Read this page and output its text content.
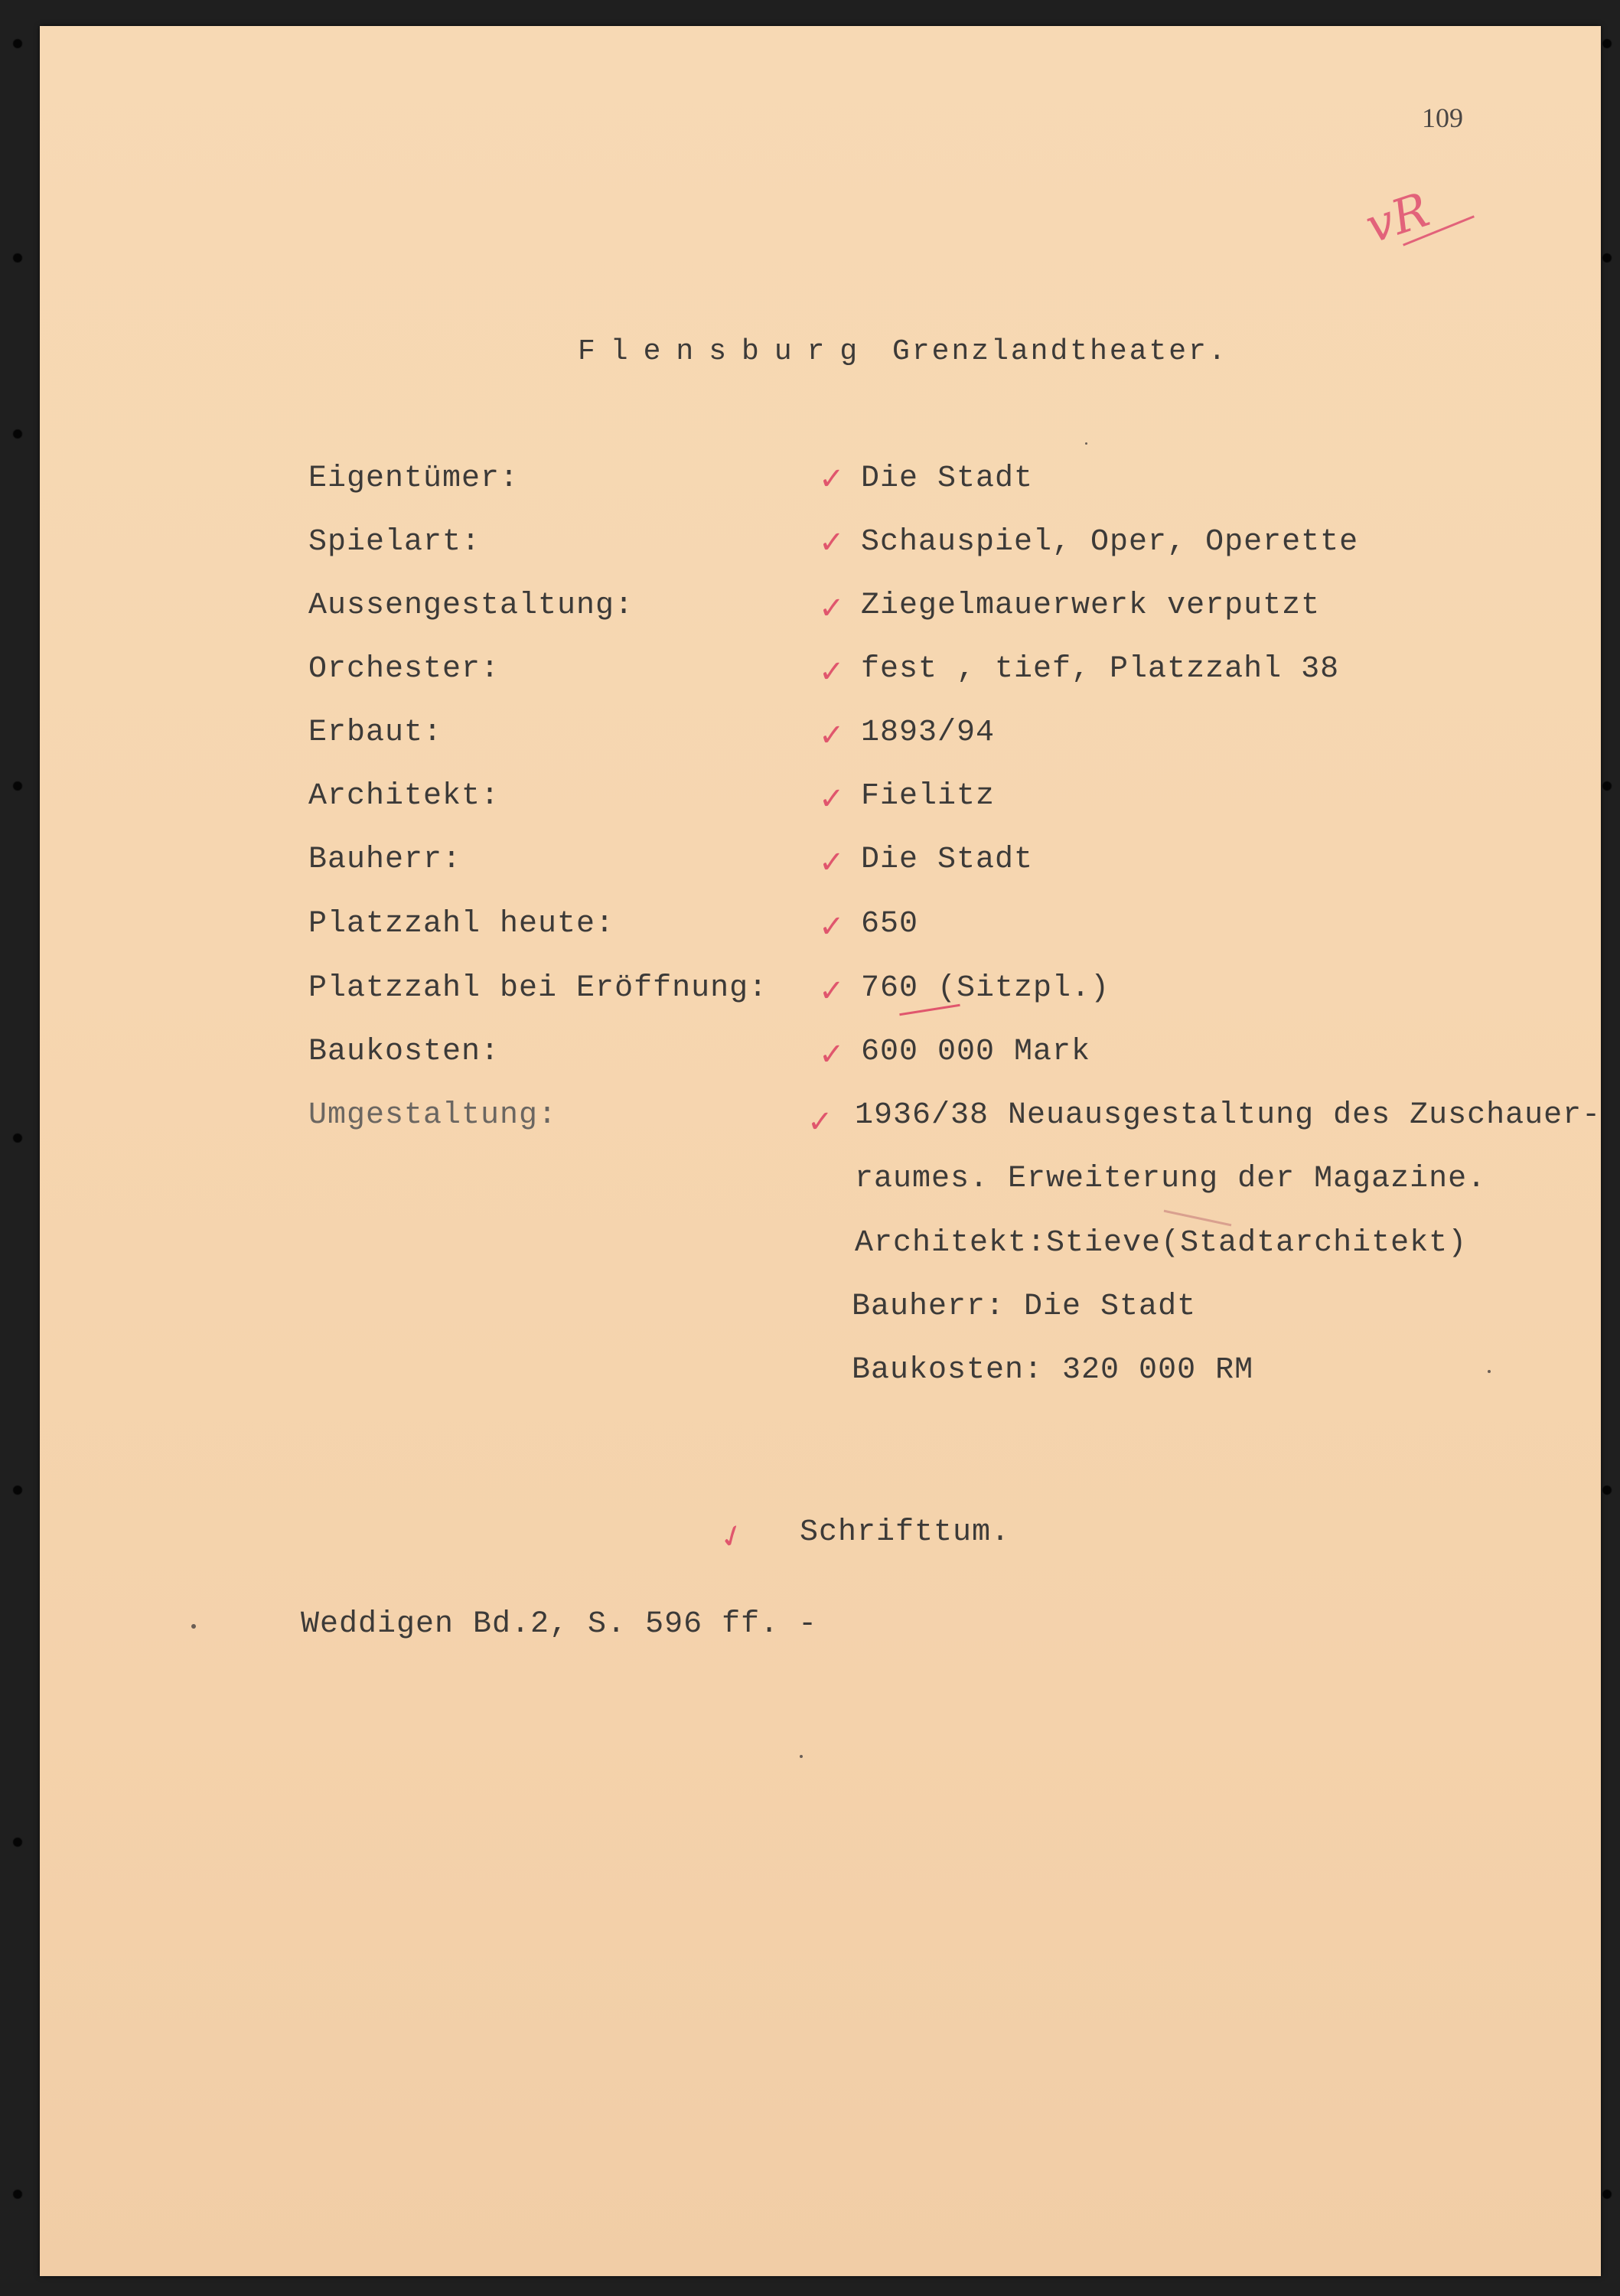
109
vR
Flensburg Grenzlandtheater.
Eigentümer:
Spielart:
Aussengestaltung:
Orchester:
Erbaut:
Architekt:
Bauherr:
Platzzahl heute:
Platzzahl bei Eröffnung:
Baukosten:
Umgestaltung:
✓
✓
✓
✓
✓
✓
✓
✓
✓
✓
✓
Die Stadt
Schauspiel, Oper, Operette
Ziegelmauerwerk verputzt
fest , tief, Platzzahl 38
1893/94
Fielitz
Die Stadt
650
760 (Sitzpl.)
600 000 Mark
1936/38 Neuausgestaltung des Zuschauer-
raumes. Erweiterung der Magazine.
Architekt:Stieve(Stadtarchitekt)
Bauherr: Die Stadt
Baukosten: 320 000 RM
✓ Schrifttum.
Weddigen Bd.2, S. 596 ff. -
